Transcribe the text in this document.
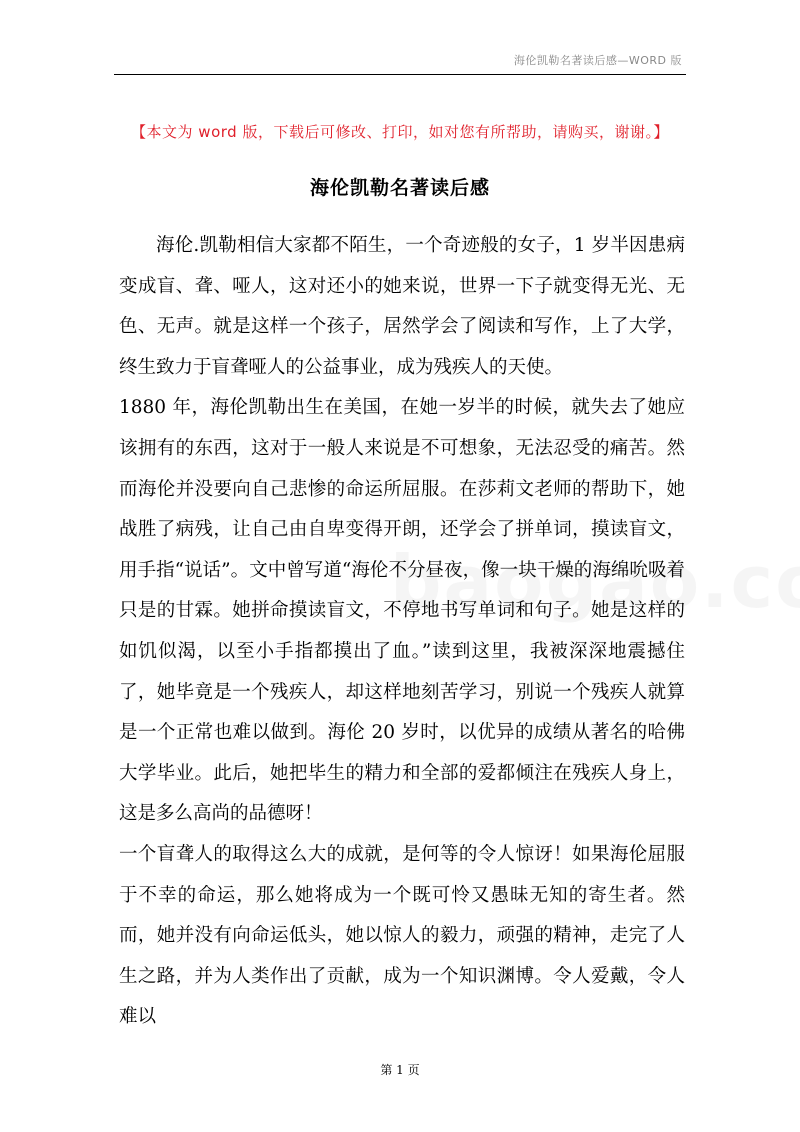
海伦凯勒名著读后感—WORD 版
【本文为 word 版，下载后可修改、打印，如对您有所帮助，请购买，谢谢。】
海伦凯勒名著读后感

海伦.凯勒相信大家都不陌生，一个奇迹般的女子，1 岁半因患病变成盲、聋、哑人，这对还小的她来说，世界一下子就变得无光、无色、无声。就是这样一个孩子，居然学会了阅读和写作，上了大学，终生致力于盲聋哑人的公益事业，成为残疾人的天使。

1880 年，海伦凯勒出生在美国，在她一岁半的时候，就失去了她应该拥有的东西，这对于一般人来说是不可想象，无法忍受的痛苦。然而海伦并没要向自己悲惨的命运所屈服。在莎莉文老师的帮助下，她战胜了病残，让自己由自卑变得开朗，还学会了拼单词，摸读盲文，用手指“说话”。文中曾写道“海伦不分昼夜，像一块干燥的海绵吮吸着只是的甘霖。她拼命摸读盲文，不停地书写单词和句子。她是这样的如饥似渴，以至小手指都摸出了血。”读到这里，我被深深地震撼住了，她毕竟是一个残疾人，却这样地刻苦学习，别说一个残疾人就算是一个正常也难以做到。海伦 20 岁时，以优异的成绩从著名的哈佛大学毕业。此后，她把毕生的精力和全部的爱都倾注在残疾人身上，这是多么高尚的品德呀！

一个盲聋人的取得这么大的成就，是何等的令人惊讶！如果海伦屈服于不幸的命运，那么她将成为一个既可怜又愚昧无知的寄生者。然而，她并没有向命运低头，她以惊人的毅力，顽强的精神，走完了人生之路，并为人类作出了贡献，成为一个知识渊博。令人爱戴，令人难以

第 1 页
